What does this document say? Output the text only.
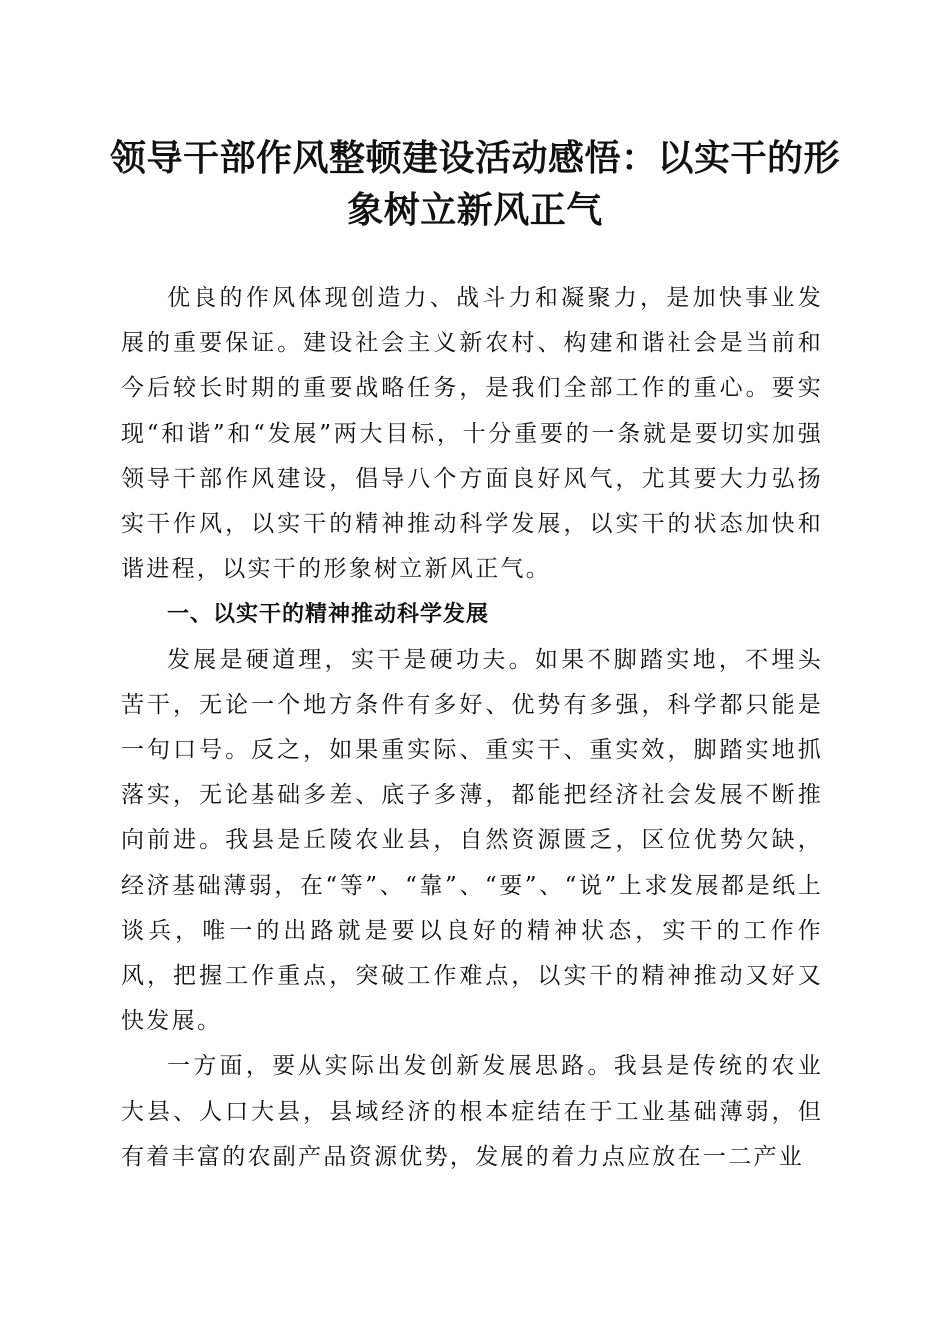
领导干部作风整顿建设活动感悟：以实干的形象树立新风正气

优良的作风体现创造力、战斗力和凝聚力，是加快事业发展的重要保证。建设社会主义新农村、构建和谐社会是当前和今后较长时期的重要战略任务，是我们全部工作的重心。要实现“和谐”和“发展”两大目标，十分重要的一条就是要切实加强领导干部作风建设，倡导八个方面良好风气，尤其要大力弘扬实干作风，以实干的精神推动科学发展，以实干的状态加快和谐进程，以实干的形象树立新风正气。

一、以实干的精神推动科学发展

发展是硬道理，实干是硬功夫。如果不脚踏实地，不埋头苦干，无论一个地方条件有多好、优势有多强，科学都只能是一句口号。反之，如果重实际、重实干、重实效，脚踏实地抓落实，无论基础多差、底子多薄，都能把经济社会发展不断推向前进。我县是丘陵农业县，自然资源匮乏，区位优势欠缺，经济基础薄弱，在“等”、“靠”、“要”、“说”上求发展都是纸上谈兵，唯一的出路就是要以良好的精神状态，实干的工作作风，把握工作重点，突破工作难点，以实干的精神推动又好又快发展。

一方面，要从实际出发创新发展思路。我县是传统的农业大县、人口大县，县域经济的根本症结在于工业基础薄弱，但有着丰富的农副产品资源优势，发展的着力点应放在一二产业
